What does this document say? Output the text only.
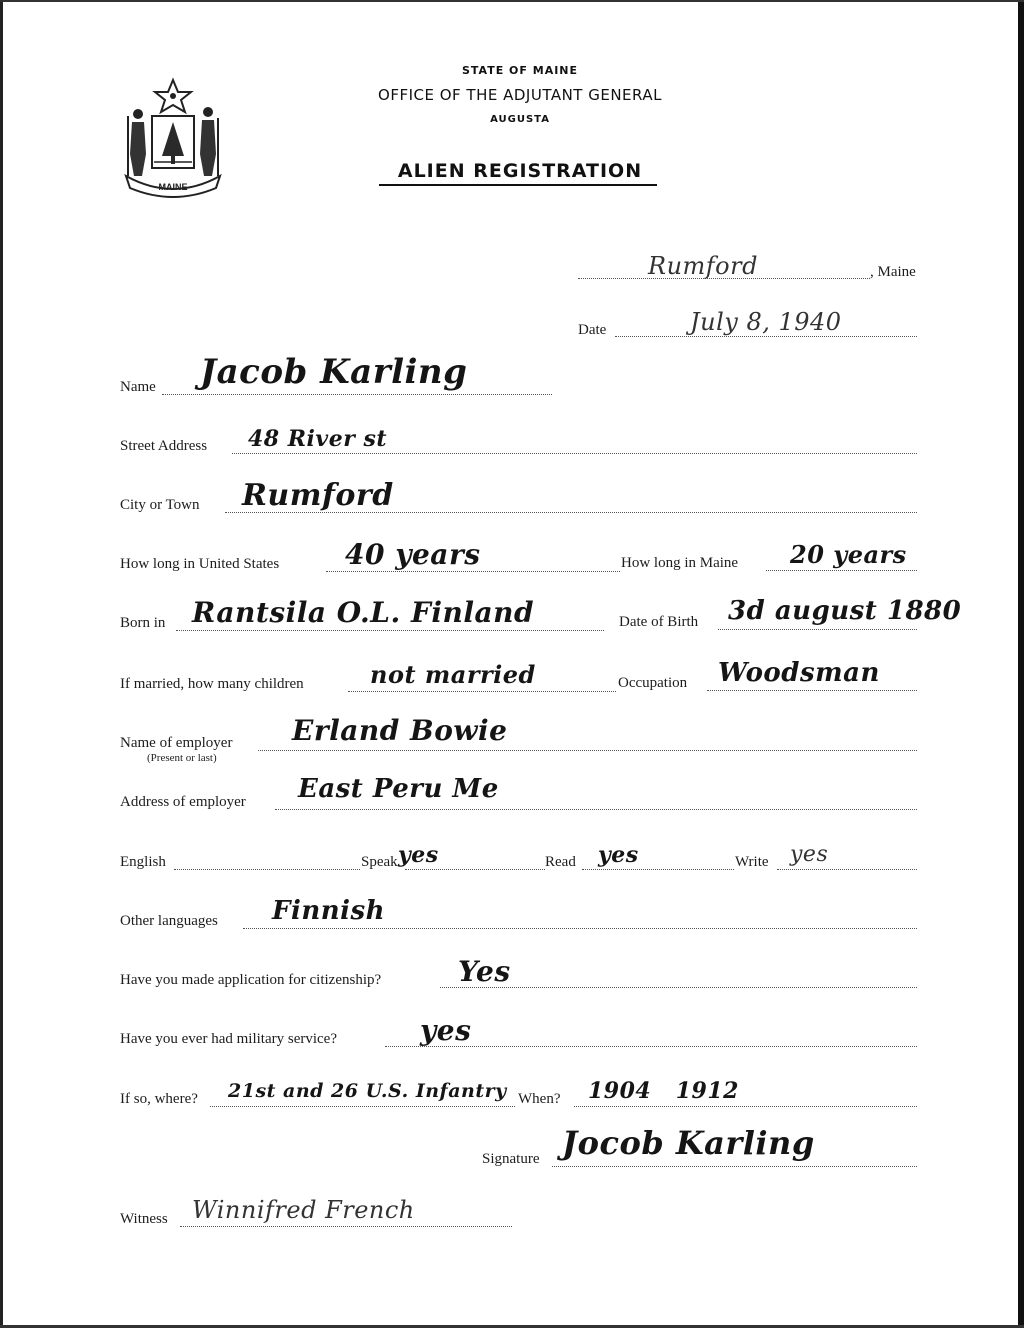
MAINE
STATE OF MAINE
OFFICE OF THE ADJUTANT GENERAL
AUGUSTA
ALIEN REGISTRATION
Rumford	, Maine
Date	July 8, 1940
Name Jacob Karling
Street Address 48 River st
City or Town Rumford
How long in United States 40 years	How long in Maine 20 years
Born in Rantsila O.L. Finland	Date of Birth 3d august 1880
If married, how many children	not married	Occupation Woodsman
Name of employer
(Present or last)
Erland Bowie
Address of employer East Peru Me
English	Speak yes	Read yes	Write yes
Other languages Finnish
Have you made application for citizenship?	Yes
Have you ever had military service?	yes
If so, where? 21st and 26 U.S. Infantry When? 1904   1912
Signature Jocob Karling
Witness Winnifred French
